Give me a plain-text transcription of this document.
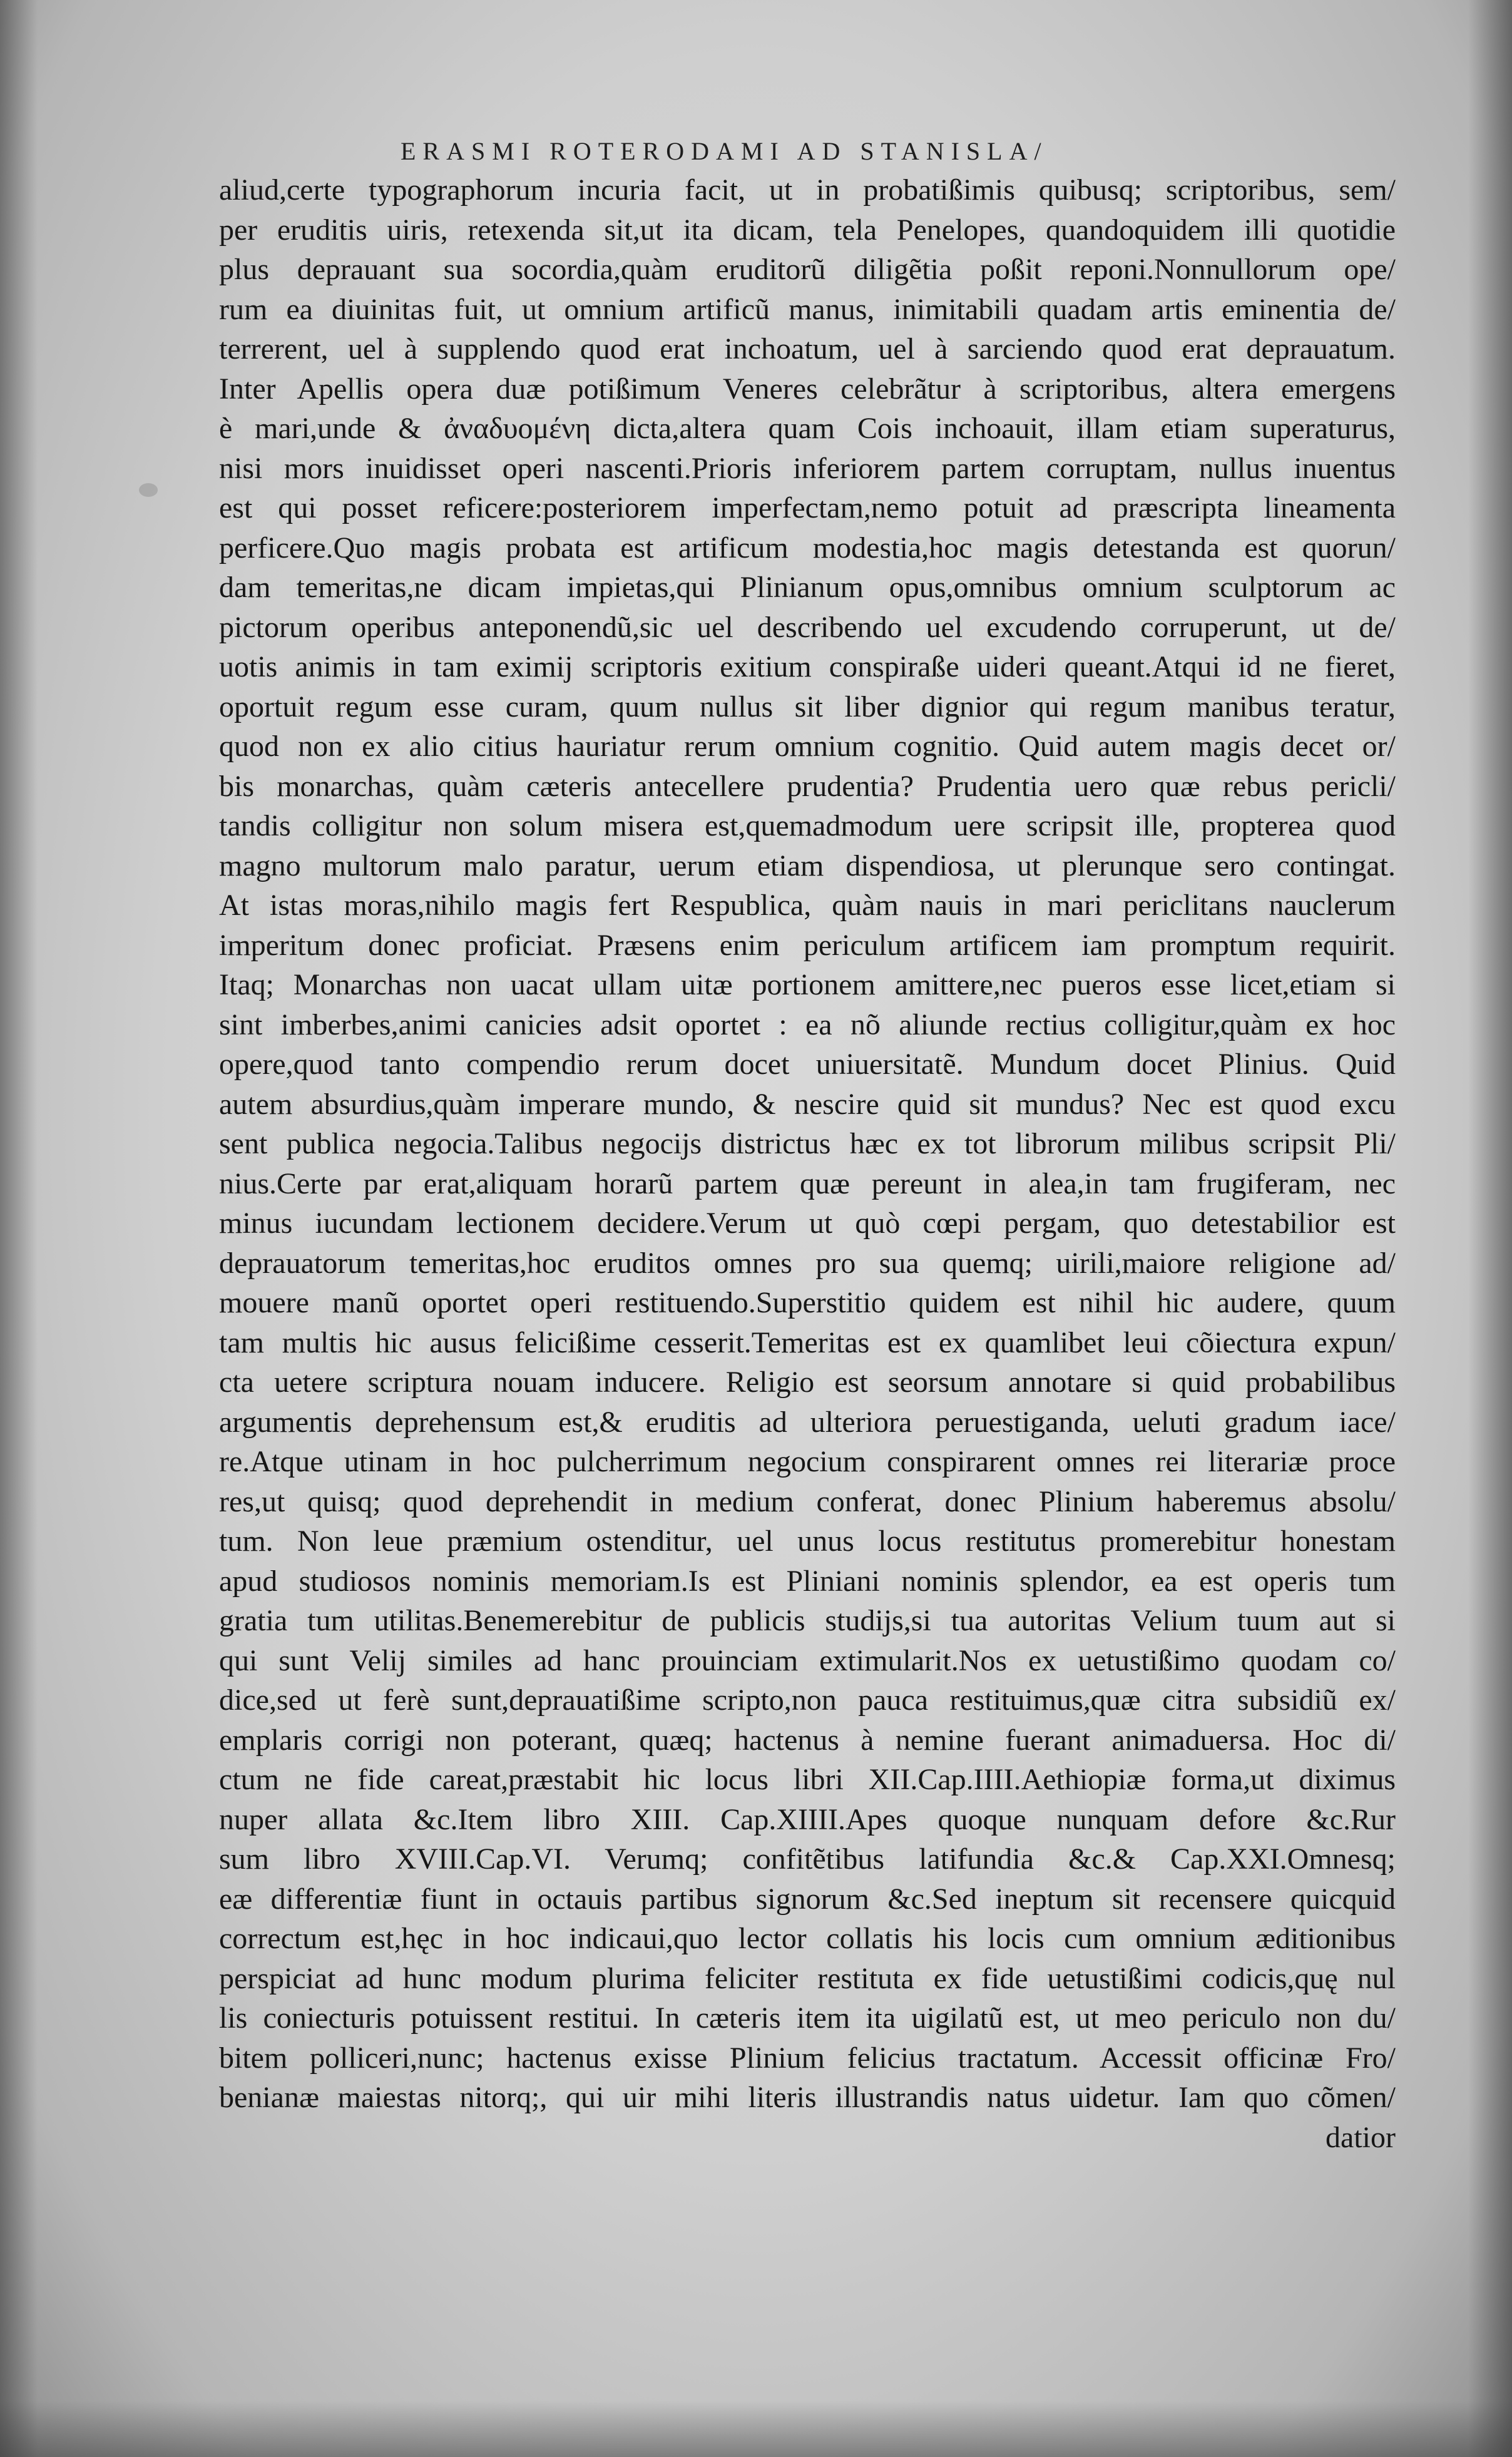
ERASMI ROTERODAMI AD STANISLA/
aliud,certe typographorum incuria facit, ut in probatißimis quibusq; scriptoribus, sem/
per eruditis uiris, retexenda sit,ut ita dicam, tela Penelopes, quandoquidem illi quotidie
plus deprauant sua socordia,quàm eruditorũ diligẽtia poßit reponi.Nonnullorum ope/
rum ea diuinitas fuit, ut omnium artificũ manus, inimitabili quadam artis eminentia de/
terrerent, uel à supplendo quod erat inchoatum, uel à sarciendo quod erat deprauatum.
Inter Apellis opera duæ potißimum Veneres celebrãtur à scriptoribus, altera emergens
è mari,unde & ἀναδυομένη dicta,altera quam Cois inchoauit, illam etiam superaturus,
nisi mors inuidisset operi nascenti.Prioris inferiorem partem corruptam, nullus inuentus
est qui posset reficere:posteriorem imperfectam,nemo potuit ad præscripta lineamenta
perficere.Quo magis probata est artificum modestia,hoc magis detestanda est quorun/
dam temeritas,ne dicam impietas,qui Plinianum opus,omnibus omnium sculptorum ac
pictorum operibus anteponendũ,sic uel describendo uel excudendo corruperunt, ut de/
uotis animis in tam eximij scriptoris exitium conspiraße uideri queant.Atqui id ne fieret,
oportuit regum esse curam, quum nullus sit liber dignior qui regum manibus teratur,
quod non ex alio citius hauriatur rerum omnium cognitio. Quid autem magis decet or/
bis monarchas, quàm cæteris antecellere prudentia? Prudentia uero quæ rebus pericli/
tandis colligitur non solum misera est,quemadmodum uere scripsit ille, propterea quod
magno multorum malo paratur, uerum etiam dispendiosa, ut plerunque sero contingat.
At istas moras,nihilo magis fert Respublica, quàm nauis in mari periclitans nauclerum
imperitum donec proficiat. Præsens enim periculum artificem iam promptum requirit.
Itaq; Monarchas non uacat ullam uitæ portionem amittere,nec pueros esse licet,etiam si
sint imberbes,animi canicies adsit oportet : ea nõ aliunde rectius colligitur,quàm ex hoc
opere,quod tanto compendio rerum docet uniuersitatẽ. Mundum docet Plinius. Quid
autem absurdius,quàm imperare mundo, & nescire quid sit mundus? Nec est quod excu
sent publica negocia.Talibus negocijs districtus hæc ex tot librorum milibus scripsit Pli/
nius.Certe par erat,aliquam horarũ partem quæ pereunt in alea,in tam frugiferam, nec
minus iucundam lectionem decidere.Verum ut quò cœpi pergam, quo detestabilior est
deprauatorum temeritas,hoc eruditos omnes pro sua quemq; uirili,maiore religione ad/
mouere manũ oportet operi restituendo.Superstitio quidem est nihil hic audere, quum
tam multis hic ausus felicißime cesserit.Temeritas est ex quamlibet leui cõiectura expun/
cta uetere scriptura nouam inducere. Religio est seorsum annotare si quid probabilibus
argumentis deprehensum est,& eruditis ad ulteriora peruestiganda, ueluti gradum iace/
re.Atque utinam in hoc pulcherrimum negocium conspirarent omnes rei literariæ proce
res,ut quisq; quod deprehendit in medium conferat, donec Plinium haberemus absolu/
tum. Non leue præmium ostenditur, uel unus locus restitutus promerebitur honestam
apud studiosos nominis memoriam.Is est Pliniani nominis splendor, ea est operis tum
gratia tum utilitas.Benemerebitur de publicis studijs,si tua autoritas Velium tuum aut si
qui sunt Velij similes ad hanc prouinciam extimularit.Nos ex uetustißimo quodam co/
dice,sed ut ferè sunt,deprauatißime scripto,non pauca restituimus,quæ citra subsidiũ ex/
emplaris corrigi non poterant, quæq; hactenus à nemine fuerant animaduersa. Hoc di/
ctum ne fide careat,præstabit hic locus libri XII.Cap.IIII.Aethiopiæ forma,ut diximus
nuper allata &c.Item libro XIII. Cap.XIIII.Apes quoque nunquam defore &c.Rur
sum libro XVIII.Cap.VI. Verumq; confitẽtibus latifundia &c.& Cap.XXI.Omnesq;
eæ differentiæ fiunt in octauis partibus signorum &c.Sed ineptum sit recensere quicquid
correctum est,hęc in hoc indicaui,quo lector collatis his locis cum omnium æditionibus
perspiciat ad hunc modum plurima feliciter restituta ex fide uetustißimi codicis,quę nul
lis coniecturis potuissent restitui. In cæteris item ita uigilatũ est, ut meo periculo non du/
bitem polliceri,nunc; hactenus exisse Plinium felicius tractatum. Accessit officinæ Fro/
benianæ maiestas nitorq;, qui uir mihi literis illustrandis natus uidetur. Iam quo cõmen/
datior
